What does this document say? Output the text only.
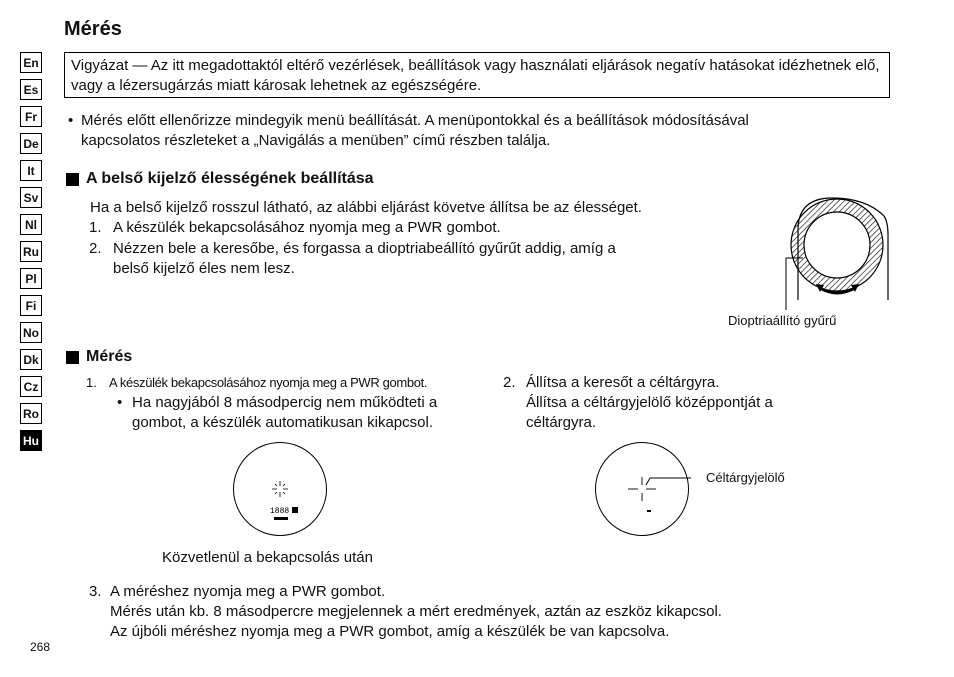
Mérés
En
Es
Fr
De
It
Sv
Nl
Ru
Pl
Fi
No
Dk
Cz
Ro
Hu
Vigyázat — Az itt megadottaktól eltérő vezérlések, beállítások vagy használati eljárások negatív hatásokat idézhetnek elő, vagy a lézersugárzás miatt károsak lehetnek az egészségére.
• Mérés előtt ellenőrizze mindegyik menü beállítását. A menüpontokkal és a beállítások módosításával
kapcsolatos részleteket a „Navigálás a menüben” című részben találja.
A belső kijelző élességének beállítása
Ha a belső kijelző rosszul látható, az alábbi eljárást követve állítsa be az élességet.
1. A készülék bekapcsolásához nyomja meg a PWR gombot.
2. Nézzen bele a keresőbe, és forgassa a dioptriabeállító gyűrűt addig, amíg a
belső kijelző éles nem lesz.
Dioptriaállító gyűrű
Mérés
1. A készülék bekapcsolásához nyomja meg a PWR gombot.
• Ha nagyjából 8 másodpercig nem működteti a
gombot, a készülék automatikusan kikapcsol.
2. Állítsa a keresőt a céltárgyra.
Állítsa a céltárgyjelölő középpontját a
céltárgyra.
1888
Közvetlenül a bekapcsolás után
Céltárgyjelölő
3. A méréshez nyomja meg a PWR gombot.
Mérés után kb. 8 másodpercre megjelennek a mért eredmények, aztán az eszköz kikapcsol.
Az újbóli méréshez nyomja meg a PWR gombot, amíg a készülék be van kapcsolva.
268
